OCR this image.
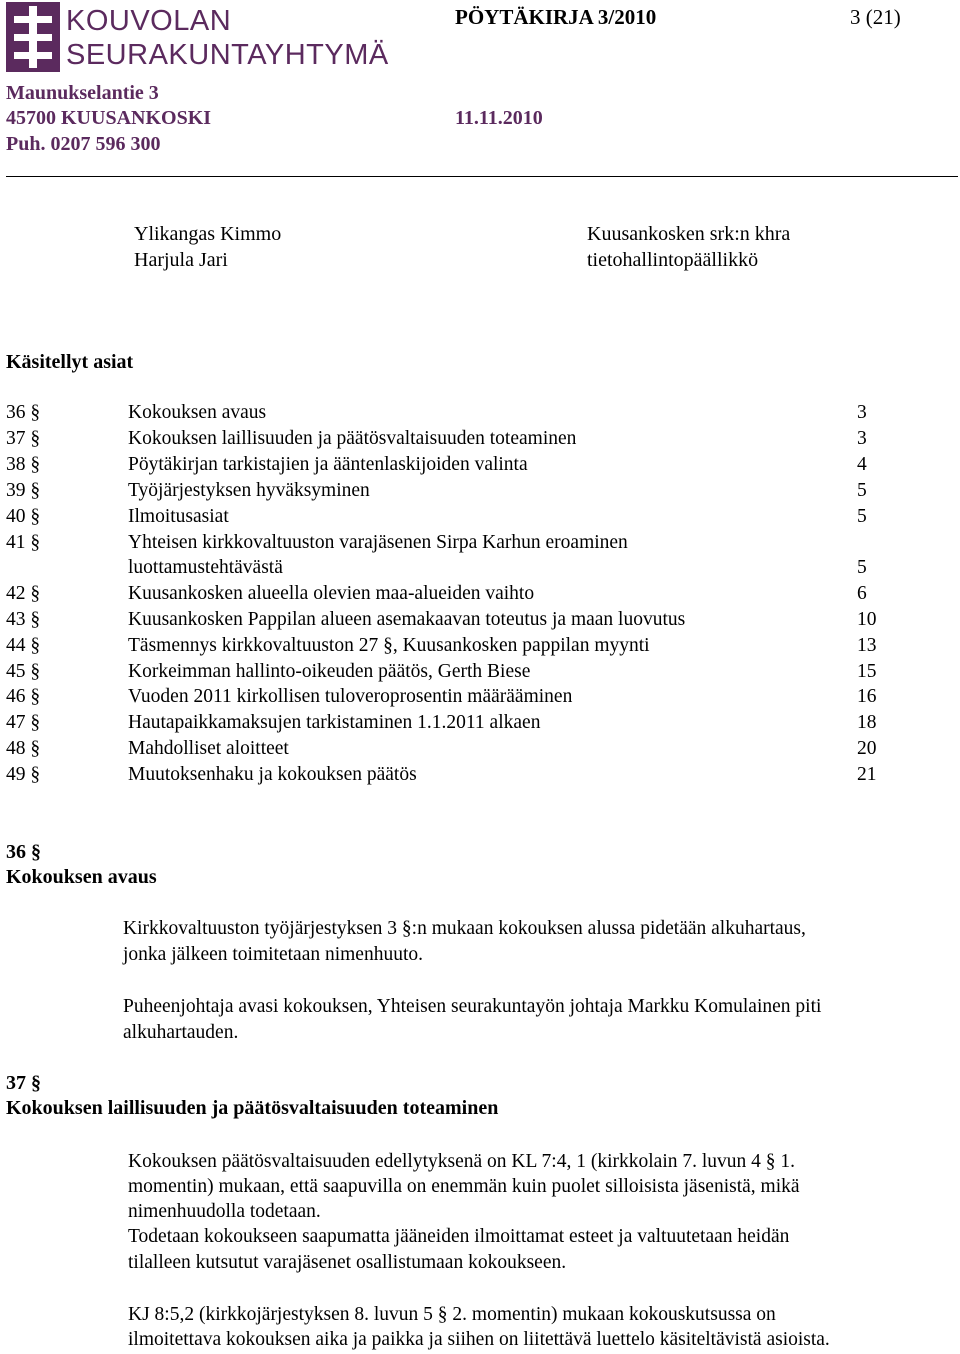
KOUVOLAN
SEURAKUNTAYHTYMÄ
PÖYTÄKIRJA 3/2010	3 (21)
Maunukselantie 3
45700 KUUSANKOSKI
Puh. 0207 596 300
11.11.2010
Ylikangas Kimmo	Kuusankosken srk:n khra
Harjula Jari	tietohallintopäällikkö
Käsitellyt asiat
36 §	Kokouksen avaus	3
37 §	Kokouksen laillisuuden ja päätösvaltaisuuden toteaminen	3
38 §	Pöytäkirjan tarkistajien ja ääntenlaskijoiden valinta	4
39 §	Työjärjestyksen hyväksyminen	5
40 §	Ilmoitusasiat	5
41 §	Yhteisen kirkkovaltuuston varajäsenen Sirpa Karhun eroaminen
luottamustehtävästä	5
42 §	Kuusankosken alueella olevien maa-alueiden vaihto	6
43 §	Kuusankosken Pappilan alueen asemakaavan toteutus ja maan luovutus	10
44 §	Täsmennys kirkkovaltuuston 27 §, Kuusankosken pappilan myynti	13
45 §	Korkeimman hallinto-oikeuden päätös, Gerth Biese	15
46 §	Vuoden 2011 kirkollisen tuloveroprosentin määrääminen	16
47 §	Hautapaikkamaksujen tarkistaminen 1.1.2011 alkaen	18
48 §	Mahdolliset aloitteet	20
49 §	Muutoksenhaku ja kokouksen päätös	21
36 §
Kokouksen avaus
Kirkkovaltuuston työjärjestyksen 3 §:n mukaan kokouksen alussa pidetään alkuhartaus,
jonka jälkeen toimitetaan nimenhuuto.
Puheenjohtaja avasi kokouksen, Yhteisen seurakuntayön johtaja Markku Komulainen piti
alkuhartauden.
37 §
Kokouksen laillisuuden ja päätösvaltaisuuden toteaminen
Kokouksen päätösvaltaisuuden edellytyksenä on KL 7:4, 1 (kirkkolain 7. luvun 4 § 1.
momentin) mukaan, että saapuvilla on enemmän kuin puolet silloisista jäsenistä, mikä
nimenhuudolla todetaan.
Todetaan kokoukseen saapumatta jääneiden ilmoittamat esteet ja valtuutetaan heidän
tilalleen kutsutut varajäsenet osallistumaan kokoukseen.
KJ 8:5,2 (kirkkojärjestyksen 8. luvun 5 § 2. momentin) mukaan kokouskutsussa on
ilmoitettava kokouksen aika ja paikka ja siihen on liitettävä luettelo käsiteltävistä asioista.
